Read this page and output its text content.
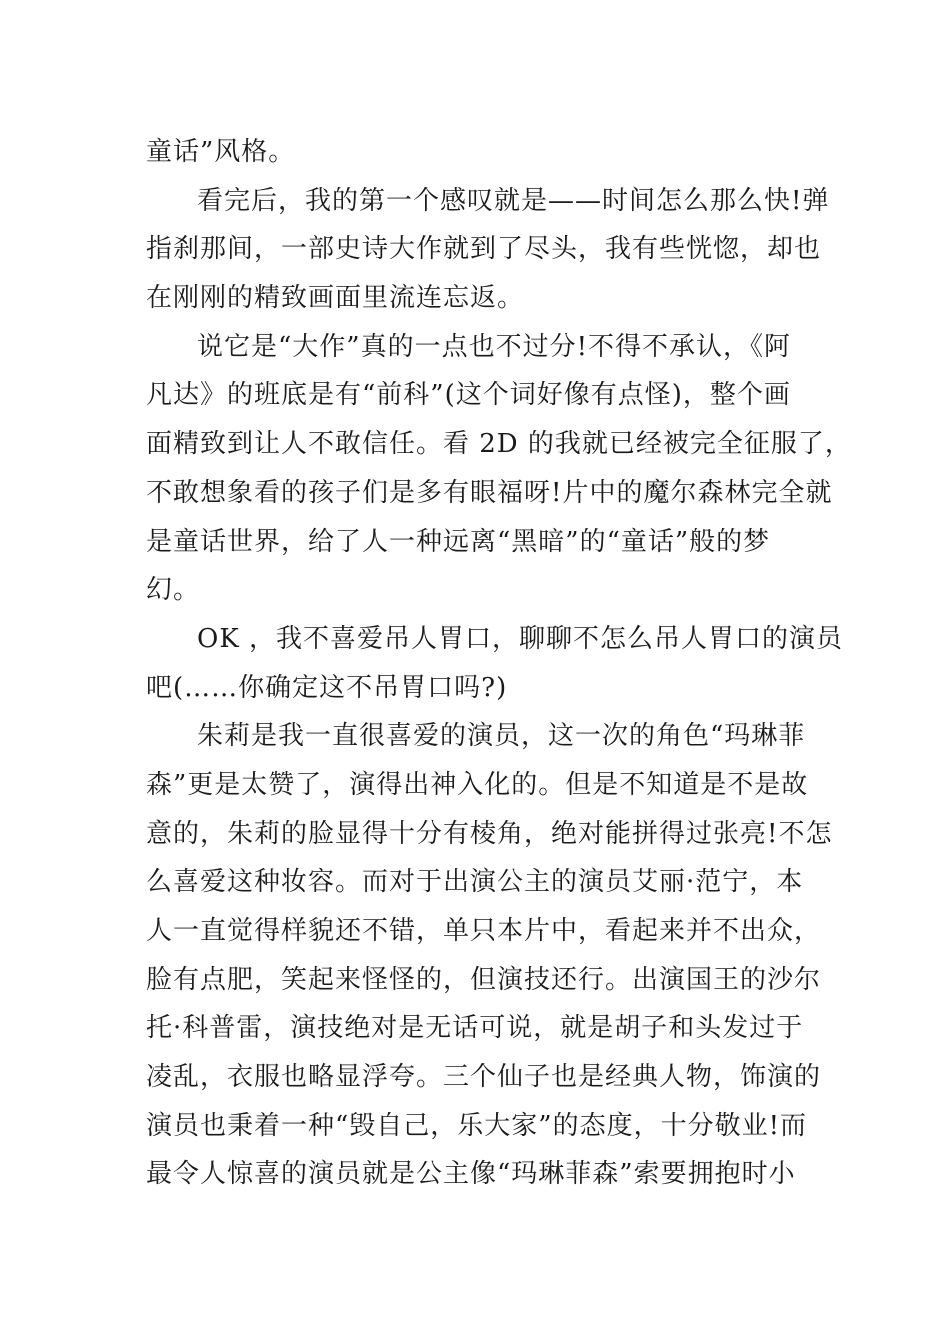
童话”风格。
看完后，我的第一个感叹就是——时间怎么那么快!弹
指刹那间，一部史诗大作就到了尽头，我有些恍惚，却也
在刚刚的精致画面里流连忘返。
说它是“大作”真的一点也不过分!不得不承认，《阿
凡达》的班底是有“前科”(这个词好像有点怪)，整个画
面精致到让人不敢信任。看 2D 的我就已经被完全征服了，
不敢想象看的孩子们是多有眼福呀!片中的魔尔森林完全就
是童话世界，给了人一种远离“黑暗”的“童话”般的梦
幻。
OK ，我不喜爱吊人胃口，聊聊不怎么吊人胃口的演员
吧(……你确定这不吊胃口吗?)
朱莉是我一直很喜爱的演员，这一次的角色“玛琳菲
森”更是太赞了，演得出神入化的。但是不知道是不是故
意的，朱莉的脸显得十分有棱角，绝对能拼得过张亮!不怎
么喜爱这种妆容。而对于出演公主的演员艾丽·范宁，本
人一直觉得样貌还不错，单只本片中，看起来并不出众，
脸有点肥，笑起来怪怪的，但演技还行。出演国王的沙尔
托·科普雷，演技绝对是无话可说，就是胡子和头发过于
凌乱，衣服也略显浮夸。三个仙子也是经典人物，饰演的
演员也秉着一种“毁自己，乐大家”的态度，十分敬业!而
最令人惊喜的演员就是公主像“玛琳菲森”索要拥抱时小
